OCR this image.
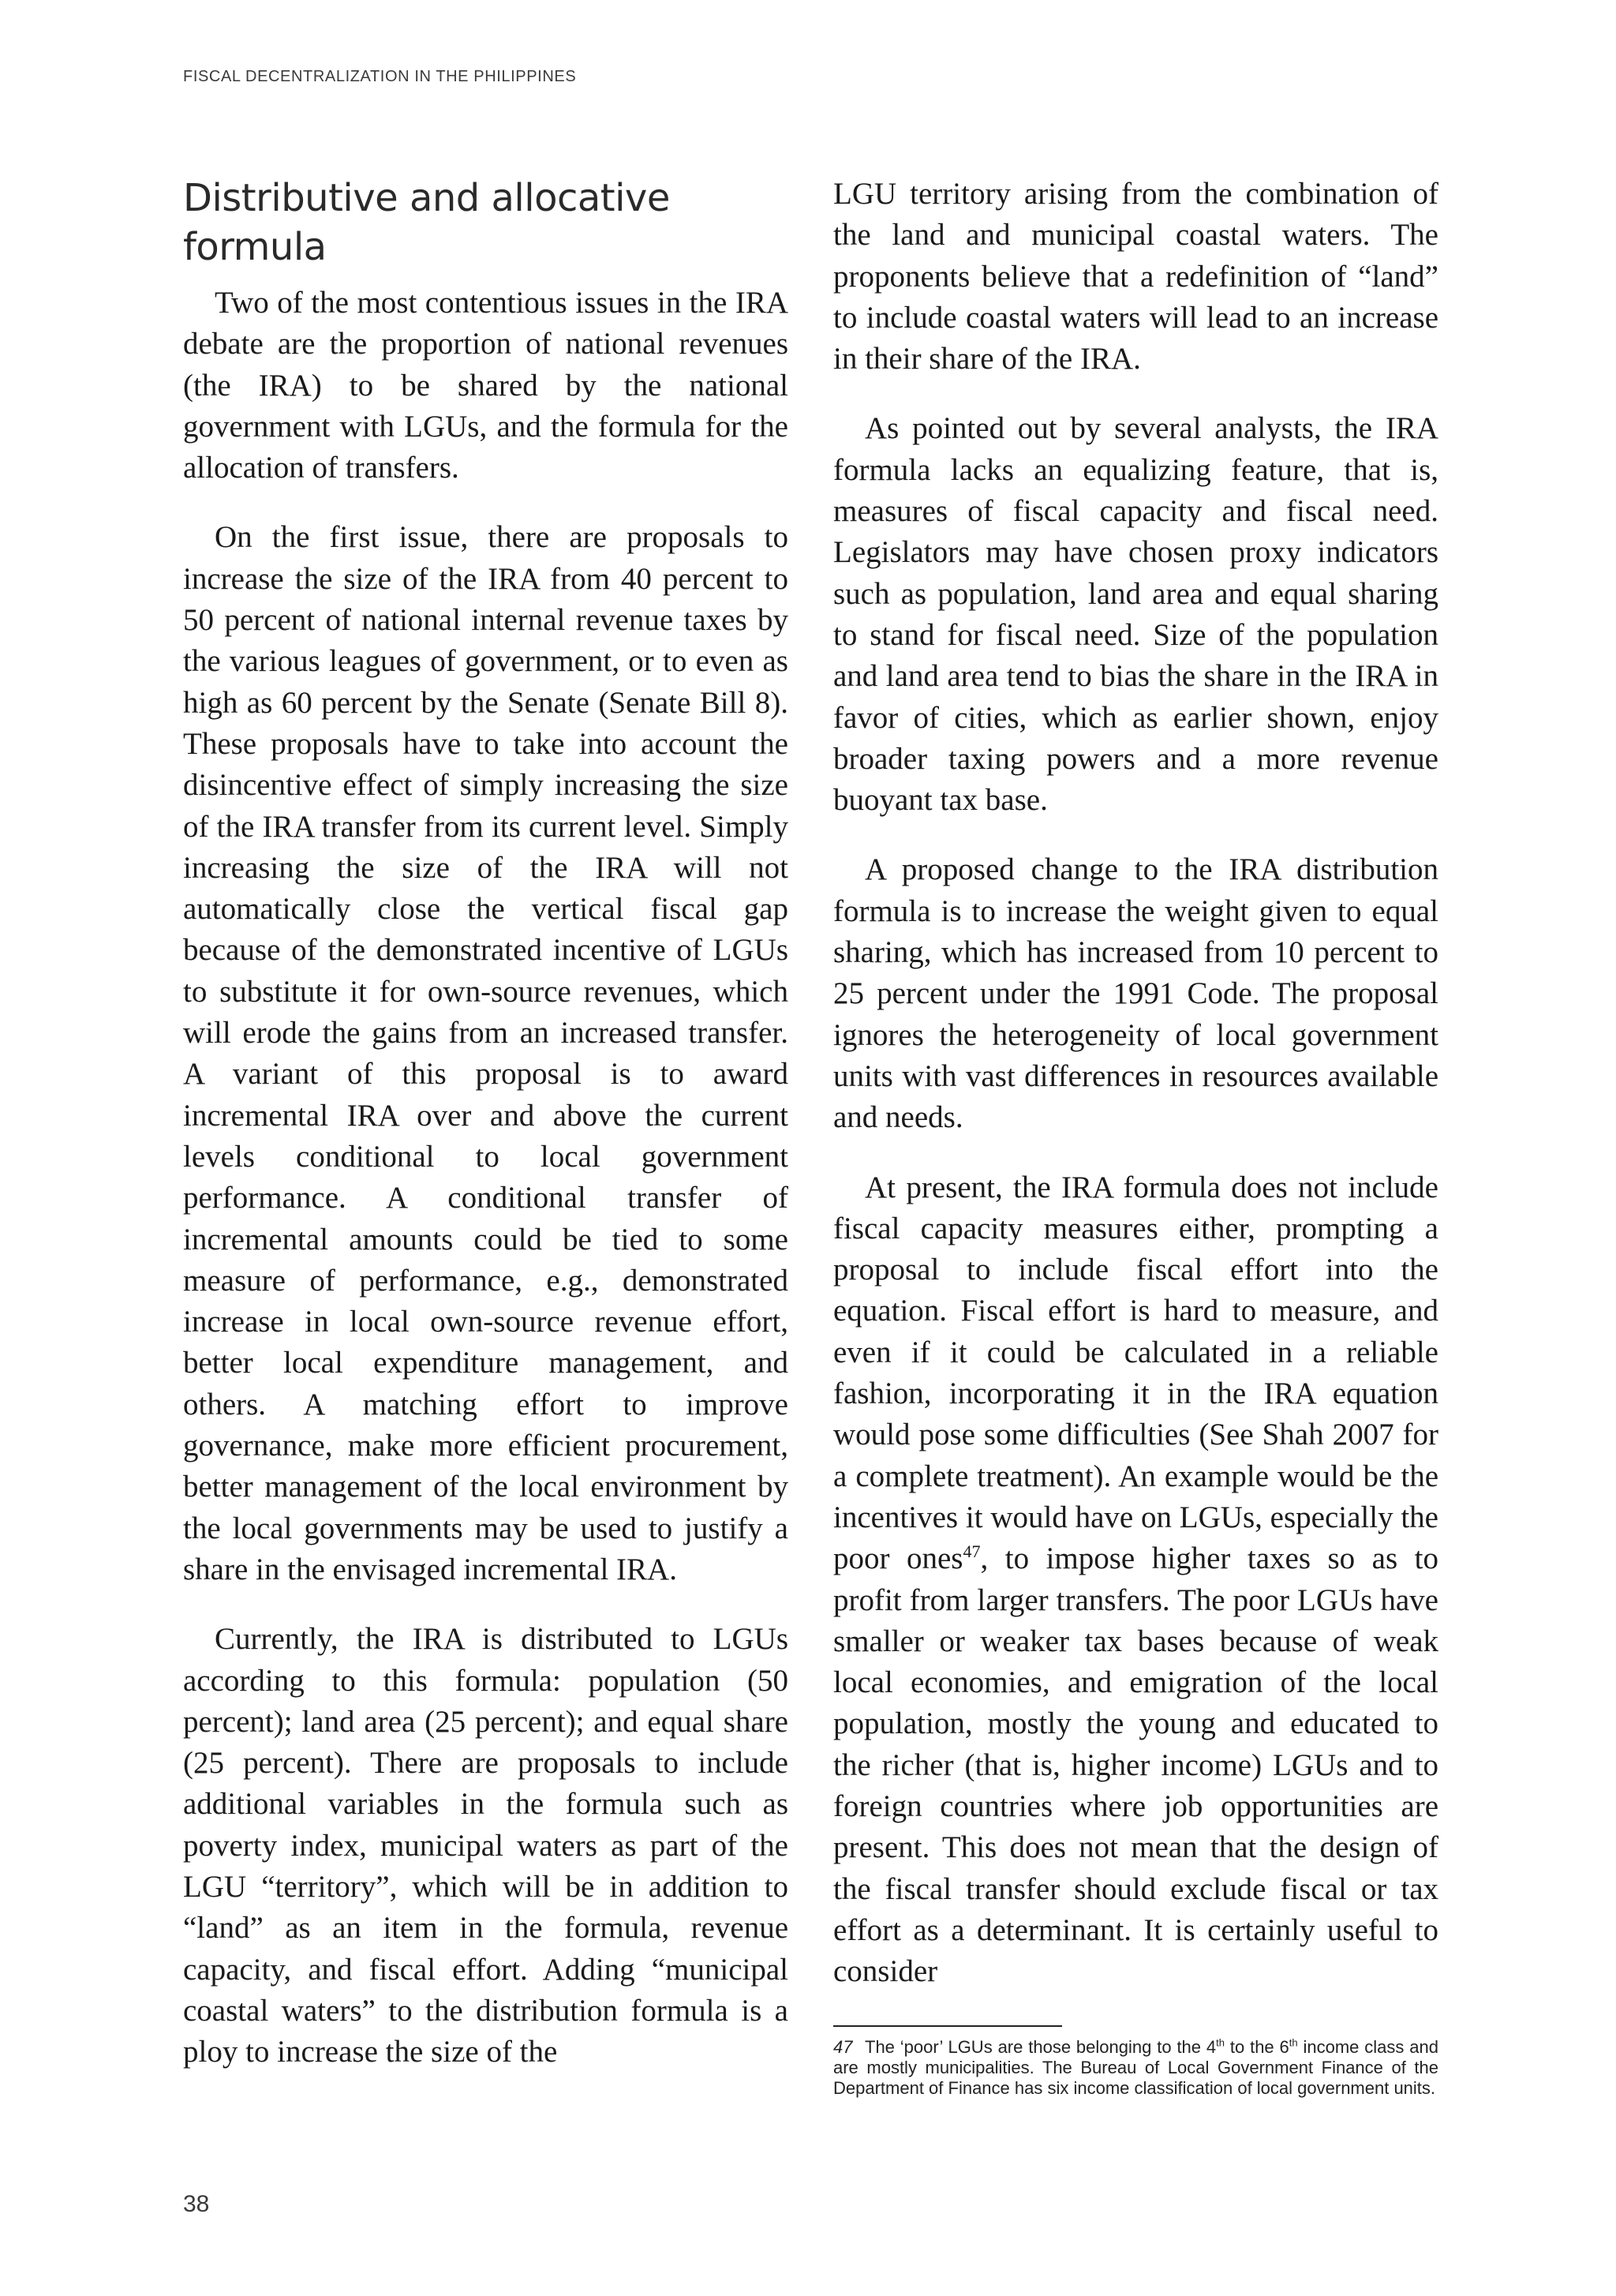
FISCAL DECENTRALIZATION IN THE PHILIPPINES
Distributive and allocative
formula

Two of the most contentious issues in the IRA debate are the proportion of national revenues (the IRA) to be shared by the national government with LGUs, and the formula for the allocation of transfers.

On the first issue, there are proposals to increase the size of the IRA from 40 percent to 50 percent of national internal revenue taxes by the various leagues of government, or to even as high as 60 percent by the Senate (Senate Bill 8). These proposals have to take into account the disincentive effect of simply increasing the size of the IRA transfer from its current level. Simply increasing the size of the IRA will not automatically close the vertical fiscal gap because of the demonstrated incentive of LGUs to substitute it for own-source revenues, which will erode the gains from an increased transfer. A variant of this proposal is to award incremental IRA over and above the current levels conditional to local government performance. A conditional transfer of incremental amounts could be tied to some measure of performance, e.g., demonstrated increase in local own-source revenue effort, better local expenditure management, and others. A matching effort to improve governance, make more efficient procurement, better management of the local environment by the local governments may be used to justify a share in the envisaged incremental IRA.

Currently, the IRA is distributed to LGUs according to this formula: population (50 percent); land area (25 percent); and equal share (25 percent). There are proposals to include additional variables in the formula such as poverty index, municipal waters as part of the LGU “territory”, which will be in addition to “land” as an item in the formula, revenue capacity, and fiscal effort. Adding “municipal coastal waters” to the distribution formula is a ploy to increase the size of the

LGU territory arising from the combination of the land and municipal coastal waters. The proponents believe that a redefinition of “land” to include coastal waters will lead to an increase in their share of the IRA.

As pointed out by several analysts, the IRA formula lacks an equalizing feature, that is, measures of fiscal capacity and fiscal need. Legislators may have chosen proxy indicators such as population, land area and equal sharing to stand for fiscal need. Size of the population and land area tend to bias the share in the IRA in favor of cities, which as earlier shown, enjoy broader taxing powers and a more revenue buoyant tax base.

A proposed change to the IRA distribution formula is to increase the weight given to equal sharing, which has increased from 10 percent to 25 percent under the 1991 Code. The proposal ignores the heterogeneity of local government units with vast differences in resources available and needs.

At present, the IRA formula does not include fiscal capacity measures either, prompting a proposal to include fiscal effort into the equation. Fiscal effort is hard to measure, and even if it could be calculated in a reliable fashion, incorporating it in the IRA equation would pose some difficulties (See Shah 2007 for a complete treatment). An example would be the incentives it would have on LGUs, especially the poor ones$^{47}$, to impose higher taxes so as to profit from larger transfers. The poor LGUs have smaller or weaker tax bases because of weak local economies, and emigration of the local population, mostly the young and educated to the richer (that is, higher income) LGUs and to foreign countries where job opportunities are present. This does not mean that the design of the fiscal transfer should exclude fiscal or tax effort as a determinant. It is certainly useful to consider

47 The ‘poor’ LGUs are those belonging to the 4th to the 6th income class and are mostly municipalities. The Bureau of Local Government Finance of the Department of Finance has six income classification of local government units.
38
